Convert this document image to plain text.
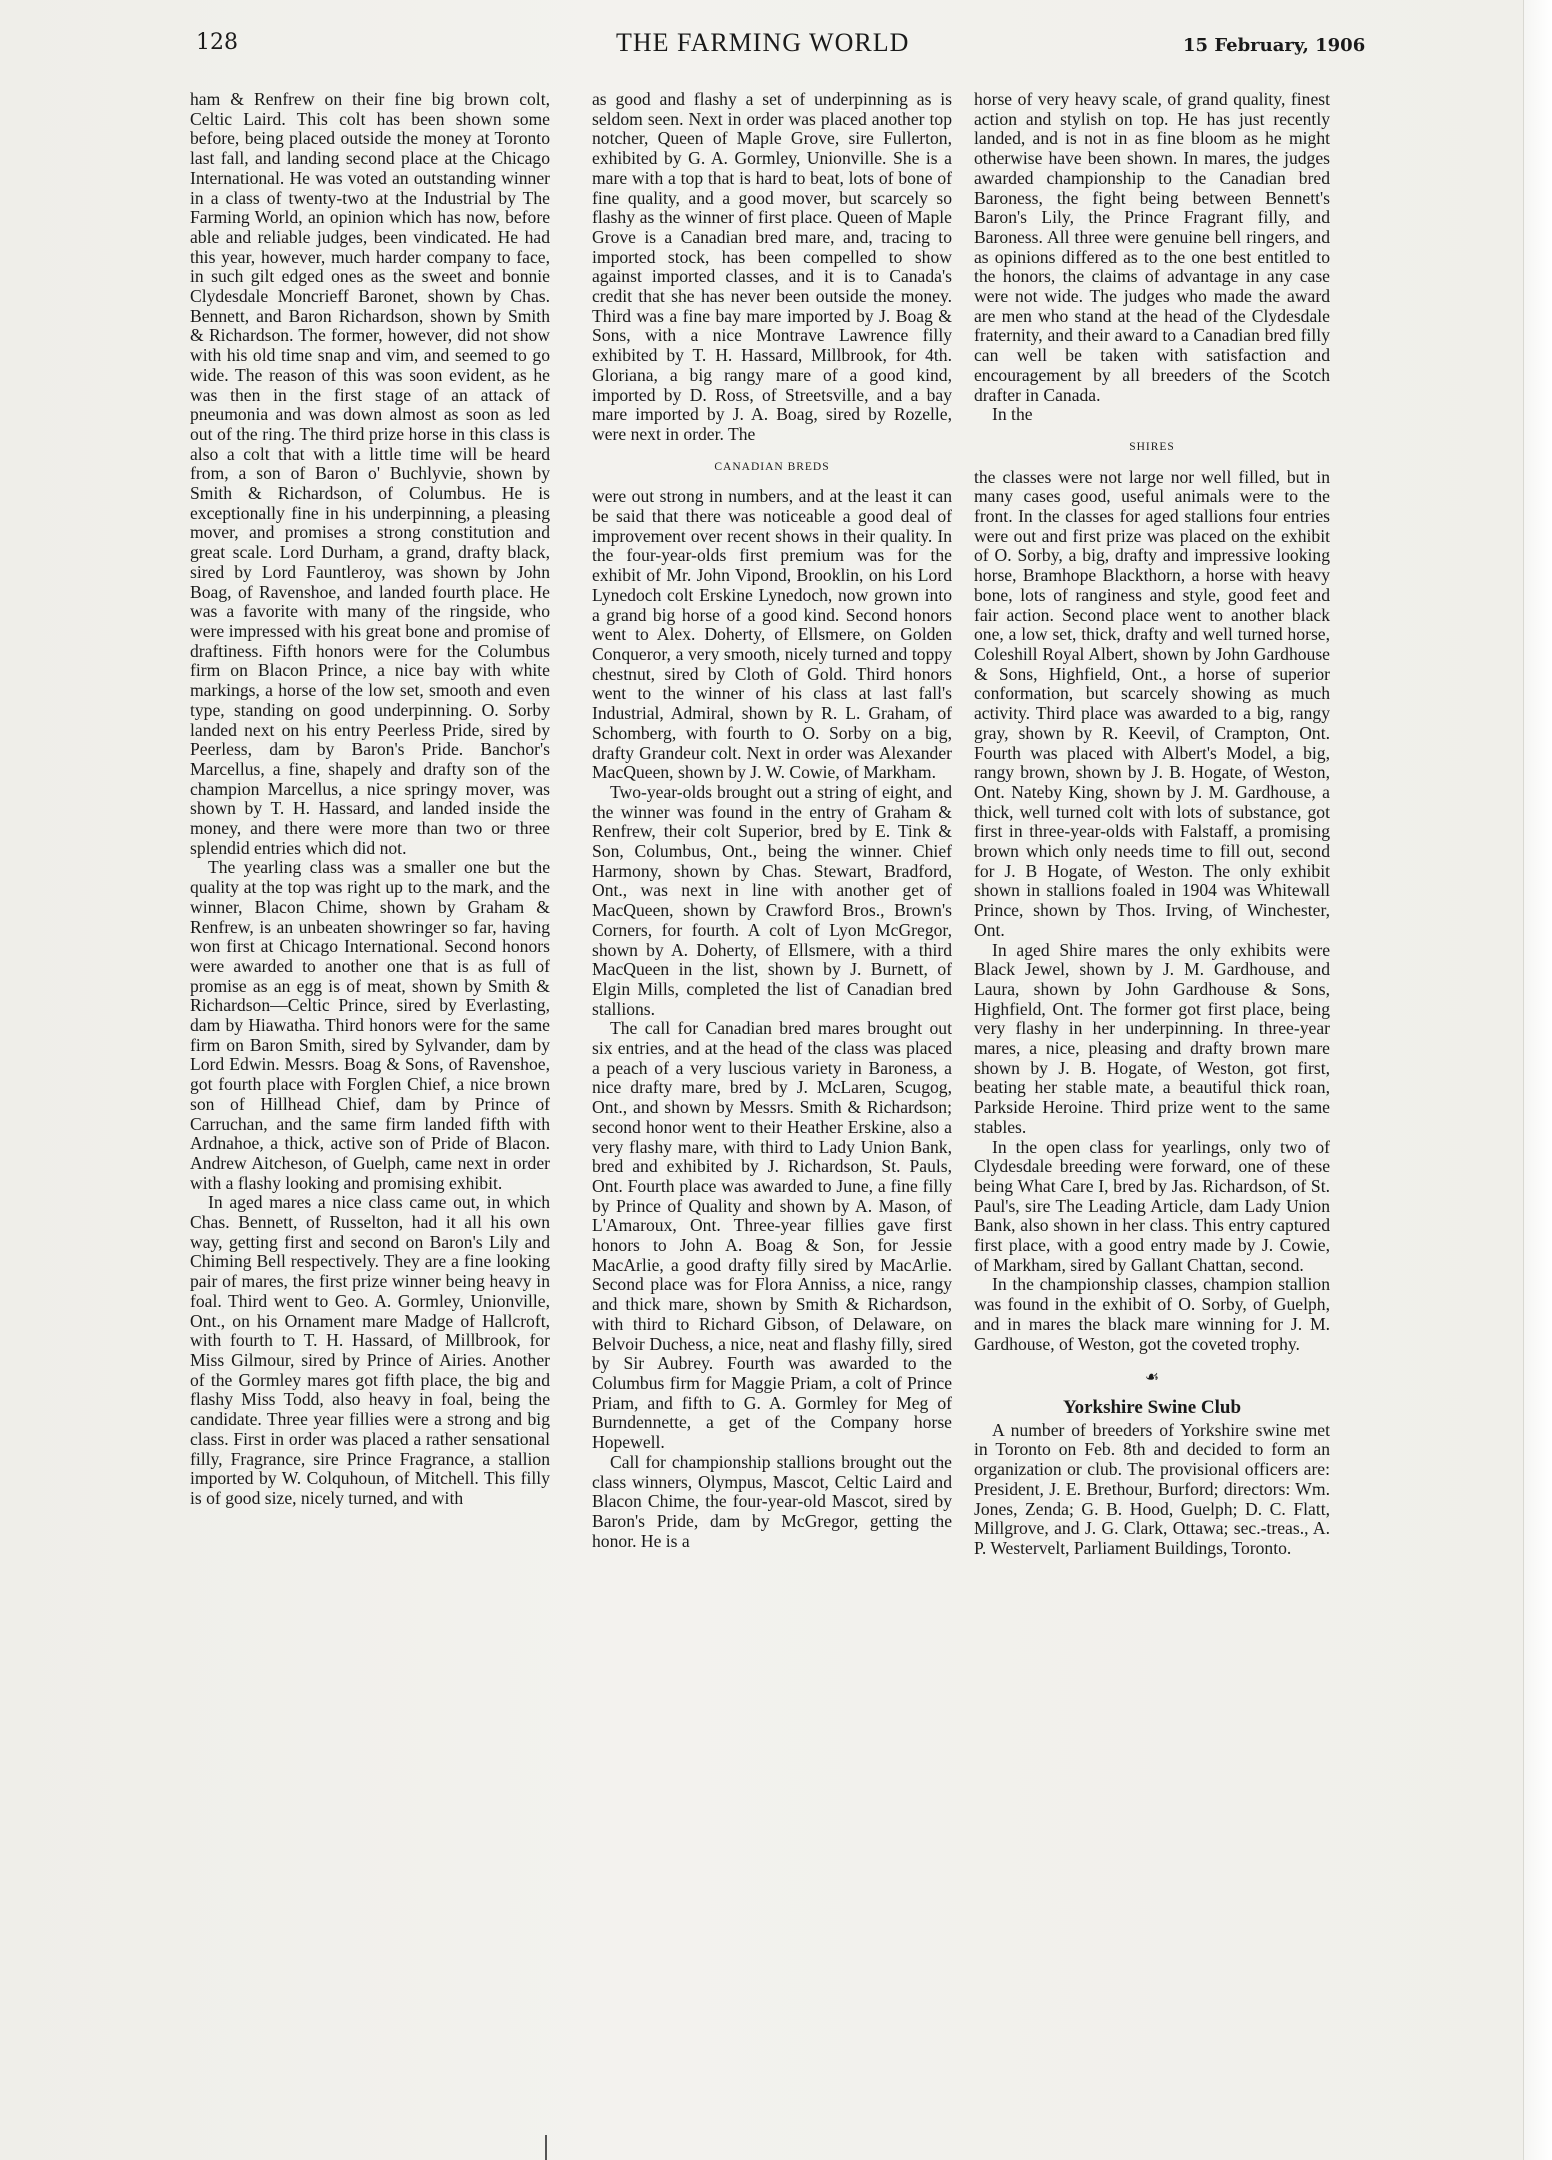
128	THE FARMING WORLD	15 February, 1906

ham & Renfrew on their fine big brown colt, Celtic Laird. This colt has been shown some before, being placed outside the money at Toronto last fall, and landing second place at the Chicago International. He was voted an outstanding winner in a class of twenty-two at the Industrial by The Farming World, an opinion which has now, before able and reliable judges, been vindicated. He had this year, however, much harder company to face, in such gilt edged ones as the sweet and bonnie Clydesdale Moncrieff Baronet, shown by Chas. Bennett, and Baron Richardson, shown by Smith & Richardson. The former, however, did not show with his old time snap and vim, and seemed to go wide. The reason of this was soon evident, as he was then in the first stage of an attack of pneumonia and was down almost as soon as led out of the ring. The third prize horse in this class is also a colt that with a little time will be heard from, a son of Baron o' Buchlyvie, shown by Smith & Richardson, of Columbus. He is exceptionally fine in his underpinning, a pleasing mover, and promises a strong constitution and great scale. Lord Durham, a grand, drafty black, sired by Lord Fauntleroy, was shown by John Boag, of Ravenshoe, and landed fourth place. He was a favorite with many of the ringside, who were impressed with his great bone and promise of draftiness. Fifth honors were for the Columbus firm on Blacon Prince, a nice bay with white markings, a horse of the low set, smooth and even type, standing on good underpinning. O. Sorby landed next on his entry Peerless Pride, sired by Peerless, dam by Baron's Pride. Banchor's Marcellus, a fine, shapely and drafty son of the champion Marcellus, a nice springy mover, was shown by T. H. Hassard, and landed inside the money, and there were more than two or three splendid entries which did not.

The yearling class was a smaller one but the quality at the top was right up to the mark, and the winner, Blacon Chime, shown by Graham & Renfrew, is an unbeaten showringer so far, having won first at Chicago International. Second honors were awarded to another one that is as full of promise as an egg is of meat, shown by Smith & Richardson—Celtic Prince, sired by Everlasting, dam by Hiawatha. Third honors were for the same firm on Baron Smith, sired by Sylvander, dam by Lord Edwin. Messrs. Boag & Sons, of Ravenshoe, got fourth place with Forglen Chief, a nice brown son of Hillhead Chief, dam by Prince of Carruchan, and the same firm landed fifth with Ardnahoe, a thick, active son of Pride of Blacon. Andrew Aitcheson, of Guelph, came next in order with a flashy looking and promising exhibit.

In aged mares a nice class came out, in which Chas. Bennett, of Russelton, had it all his own way, getting first and second on Baron's Lily and Chiming Bell respectively. They are a fine looking pair of mares, the first prize winner being heavy in foal. Third went to Geo. A. Gormley, Unionville, Ont., on his Ornament mare Madge of Hallcroft, with fourth to T. H. Hassard, of Millbrook, for Miss Gilmour, sired by Prince of Airies. Another of the Gormley mares got fifth place, the big and flashy Miss Todd, also heavy in foal, being the candidate. Three year fillies were a strong and big class. First in order was placed a rather sensational filly, Fragrance, sire Prince Fragrance, a stallion imported by W. Colquhoun, of Mitchell. This filly is of good size, nicely turned, and with

as good and flashy a set of underpinning as is seldom seen. Next in order was placed another top notcher, Queen of Maple Grove, sire Fullerton, exhibited by G. A. Gormley, Unionville. She is a mare with a top that is hard to beat, lots of bone of fine quality, and a good mover, but scarcely so flashy as the winner of first place. Queen of Maple Grove is a Canadian bred mare, and, tracing to imported stock, has been compelled to show against imported classes, and it is to Canada's credit that she has never been outside the money. Third was a fine bay mare imported by J. Boag & Sons, with a nice Montrave Lawrence filly exhibited by T. H. Hassard, Millbrook, for 4th. Gloriana, a big rangy mare of a good kind, imported by D. Ross, of Streetsville, and a bay mare imported by J. A. Boag, sired by Rozelle, were next in order. The

CANADIAN BREDS

were out strong in numbers, and at the least it can be said that there was noticeable a good deal of improvement over recent shows in their quality. In the four-year-olds first premium was for the exhibit of Mr. John Vipond, Brooklin, on his Lord Lynedoch colt Erskine Lynedoch, now grown into a grand big horse of a good kind. Second honors went to Alex. Doherty, of Ellsmere, on Golden Conqueror, a very smooth, nicely turned and toppy chestnut, sired by Cloth of Gold. Third honors went to the winner of his class at last fall's Industrial, Admiral, shown by R. L. Graham, of Schomberg, with fourth to O. Sorby on a big, drafty Grandeur colt. Next in order was Alexander MacQueen, shown by J. W. Cowie, of Markham.

Two-year-olds brought out a string of eight, and the winner was found in the entry of Graham & Renfrew, their colt Superior, bred by E. Tink & Son, Columbus, Ont., being the winner. Chief Harmony, shown by Chas. Stewart, Bradford, Ont., was next in line with another get of MacQueen, shown by Crawford Bros., Brown's Corners, for fourth. A colt of Lyon McGregor, shown by A. Doherty, of Ellsmere, with a third MacQueen in the list, shown by J. Burnett, of Elgin Mills, completed the list of Canadian bred stallions.

The call for Canadian bred mares brought out six entries, and at the head of the class was placed a peach of a very luscious variety in Baroness, a nice drafty mare, bred by J. McLaren, Scugog, Ont., and shown by Messrs. Smith & Richardson; second honor went to their Heather Erskine, also a very flashy mare, with third to Lady Union Bank, bred and exhibited by J. Richardson, St. Pauls, Ont. Fourth place was awarded to June, a fine filly by Prince of Quality and shown by A. Mason, of L'Amaroux, Ont. Three-year fillies gave first honors to John A. Boag & Son, for Jessie MacArlie, a good drafty filly sired by MacArlie. Second place was for Flora Anniss, a nice, rangy and thick mare, shown by Smith & Richardson, with third to Richard Gibson, of Delaware, on Belvoir Duchess, a nice, neat and flashy filly, sired by Sir Aubrey. Fourth was awarded to the Columbus firm for Maggie Priam, a colt of Prince Priam, and fifth to G. A. Gormley for Meg of Burndennette, a get of the Company horse Hopewell.

Call for championship stallions brought out the class winners, Olympus, Mascot, Celtic Laird and Blacon Chime, the four-year-old Mascot, sired by Baron's Pride, dam by McGregor, getting the honor. He is a

horse of very heavy scale, of grand quality, finest action and stylish on top. He has just recently landed, and is not in as fine bloom as he might otherwise have been shown. In mares, the judges awarded championship to the Canadian bred Baroness, the fight being between Bennett's Baron's Lily, the Prince Fragrant filly, and Baroness. All three were genuine bell ringers, and as opinions differed as to the one best entitled to the honors, the claims of advantage in any case were not wide. The judges who made the award are men who stand at the head of the Clydesdale fraternity, and their award to a Canadian bred filly can well be taken with satisfaction and encouragement by all breeders of the Scotch drafter in Canada.

In the

SHIRES

the classes were not large nor well filled, but in many cases good, useful animals were to the front. In the classes for aged stallions four entries were out and first prize was placed on the exhibit of O. Sorby, a big, drafty and impressive looking horse, Bramhope Blackthorn, a horse with heavy bone, lots of ranginess and style, good feet and fair action. Second place went to another black one, a low set, thick, drafty and well turned horse, Coleshill Royal Albert, shown by John Gardhouse & Sons, Highfield, Ont., a horse of superior conformation, but scarcely showing as much activity. Third place was awarded to a big, rangy gray, shown by R. Keevil, of Crampton, Ont. Fourth was placed with Albert's Model, a big, rangy brown, shown by J. B. Hogate, of Weston, Ont. Nateby King, shown by J. M. Gardhouse, a thick, well turned colt with lots of substance, got first in three-year-olds with Falstaff, a promising brown which only needs time to fill out, second for J. B Hogate, of Weston. The only exhibit shown in stallions foaled in 1904 was Whitewall Prince, shown by Thos. Irving, of Winchester, Ont.

In aged Shire mares the only exhibits were Black Jewel, shown by J. M. Gardhouse, and Laura, shown by John Gardhouse & Sons, Highfield, Ont. The former got first place, being very flashy in her underpinning. In three-year mares, a nice, pleasing and drafty brown mare shown by J. B. Hogate, of Weston, got first, beating her stable mate, a beautiful thick roan, Parkside Heroine. Third prize went to the same stables.

In the open class for yearlings, only two of Clydesdale breeding were forward, one of these being What Care I, bred by Jas. Richardson, of St. Paul's, sire The Leading Article, dam Lady Union Bank, also shown in her class. This entry captured first place, with a good entry made by J. Cowie, of Markham, sired by Gallant Chattan, second.

In the championship classes, champion stallion was found in the exhibit of O. Sorby, of Guelph, and in mares the black mare winning for J. M. Gardhouse, of Weston, got the coveted trophy.

☙
Yorkshire Swine Club

A number of breeders of Yorkshire swine met in Toronto on Feb. 8th and decided to form an organization or club. The provisional officers are: President, J. E. Brethour, Burford; directors: Wm. Jones, Zenda; G. B. Hood, Guelph; D. C. Flatt, Millgrove, and J. G. Clark, Ottawa; sec.-treas., A. P. Westervelt, Parliament Buildings, Toronto.
